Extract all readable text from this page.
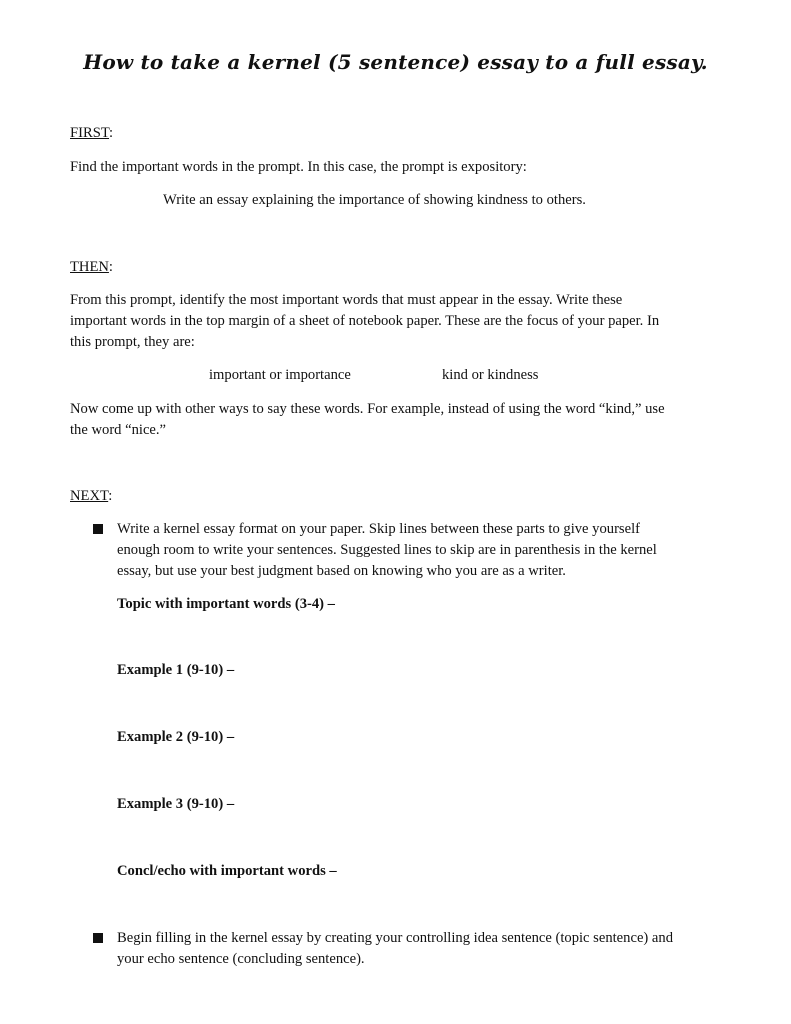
How to take a kernel (5 sentence) essay to a full essay.

FIRST:

Find the important words in the prompt. In this case, the prompt is expository:

Write an essay explaining the importance of showing kindness to others.

THEN:

From this prompt, identify the most important words that must appear in the essay. Write these
important words in the top margin of a sheet of notebook paper. These are the focus of your paper. In
this prompt, they are:

important or importance	kind or kindness

Now come up with other ways to say these words. For example, instead of using the word “kind,” use
the word “nice.”

NEXT:

Write a kernel essay format on your paper. Skip lines between these parts to give yourself
enough room to write your sentences. Suggested lines to skip are in parenthesis in the kernel
essay, but use your best judgment based on knowing who you are as a writer.

Topic with important words (3-4) –

Example 1 (9-10) –

Example 2 (9-10) –

Example 3 (9-10) –

Concl/echo with important words –

Begin filling in the kernel essay by creating your controlling idea sentence (topic sentence) and
your echo sentence (concluding sentence).
